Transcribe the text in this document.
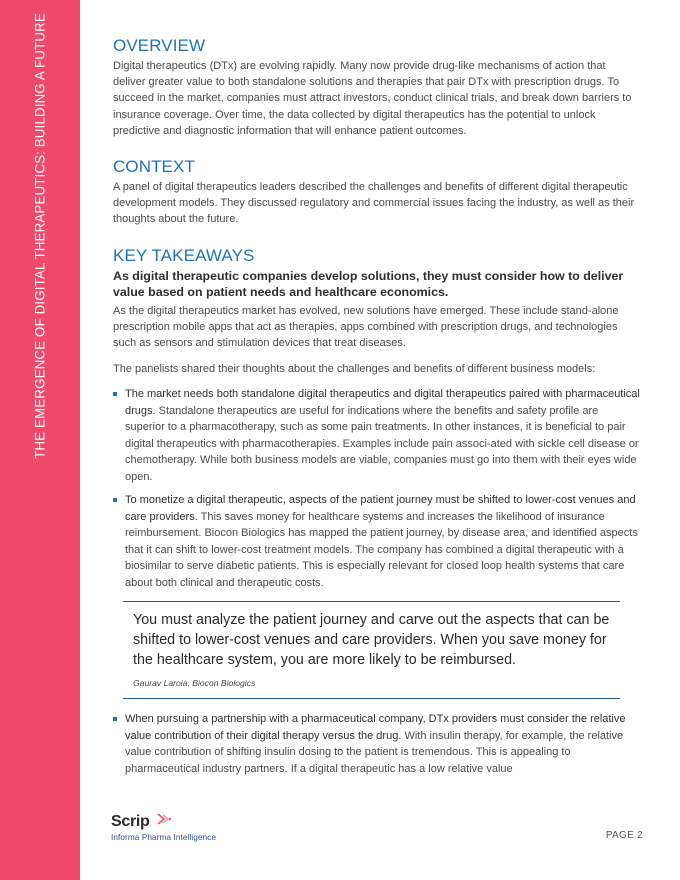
THE EMERGENCE OF DIGITAL THERAPEUTICS: BUILDING A FUTURE	OVERVIEW

Digital therapeutics (DTx) are evolving rapidly. Many now provide drug-like mechanisms of action that deliver greater value to both standalone solutions and therapies that pair DTx with prescription drugs. To succeed in the market, companies must attract investors, conduct clinical trials, and break down barriers to insurance coverage. Over time, the data collected by digital therapeutics has the potential to unlock predictive and diagnostic information that will enhance patient outcomes.

CONTEXT

A panel of digital therapeutics leaders described the challenges and benefits of different digital therapeutic development models. They discussed regulatory and commercial issues facing the industry, as well as their thoughts about the future.

KEY TAKEAWAYS

As digital therapeutic companies develop solutions, they must consider how to deliver value based on patient needs and healthcare economics.

As the digital therapeutics market has evolved, new solutions have emerged. These include stand-alone prescription mobile apps that act as therapies, apps combined with prescription drugs, and technologies such as sensors and stimulation devices that treat diseases.

The panelists shared their thoughts about the challenges and benefits of different business models:

The market needs both standalone digital therapeutics and digital therapeutics paired with pharmaceutical drugs. Standalone therapeutics are useful for indications where the benefits and safety profile are superior to a pharmacotherapy, such as some pain treatments. In other instances, it is beneficial to pair digital therapeutics with pharmacotherapies. Examples include pain associ-ated with sickle cell disease or chemotherapy. While both business models are viable, companies must go into them with their eyes wide open.
To monetize a digital therapeutic, aspects of the patient journey must be shifted to lower-cost venues and care providers. This saves money for healthcare systems and increases the likelihood of insurance reimbursement. Biocon Biologics has mapped the patient journey, by disease area, and identified aspects that it can shift to lower-cost treatment models. The company has combined a digital therapeutic with a biosimilar to serve diabetic patients. This is especially relevant for closed loop health systems that care about both clinical and therapeutic costs.
You must analyze the patient journey and carve out the aspects that can be shifted to lower-cost venues and care providers. When you save money for the healthcare system, you are more likely to be reimbursed.
Gaurav Laroia, Biocon Biologics
When pursuing a partnership with a pharmaceutical company, DTx providers must consider the relative value contribution of their digital therapy versus the drug. With insulin therapy, for example, the relative value contribution of shifting insulin dosing to the patient is tremendous. This is appealing to pharmaceutical industry partners. If a digital therapeutic has a low relative value
Scrip
Informa Pharma Intelligence	PAGE 2
